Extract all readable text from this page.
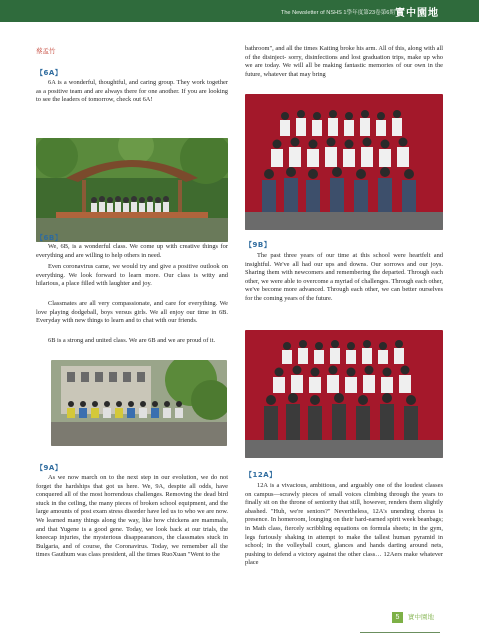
The Newsletter of NSHS 1學年度第23卷第6期 實中園地
蔡孟竹
【6A】
6A is a wonderful, thoughtful, and caring group. They work together as a positive team and are always there for one another. If you are looking to see the leaders of tomorrow, check out 6A!
bathroom", and all the times Kaiting broke his arm. All of this, along with all of the disinject- sorry, disinfections and lost graduation trips, make up who we are today. We will all be making fantastic memories of our own in the future, whatever that may bring
【6B】
We, 6B, is a wonderful class. We come up with creative things for everything and are willing to help others in need.
Even coronavirus came, we would try and give a positive outlook on everything. We look forward to learn more. Our class is witty and hilarious, a place filled with laughter and joy.
Classmates are all very compassionate, and care for everything. We love playing dodgeball, boys versus girls. We all enjoy our time in 6B. Everyday with new things to learn and to chat with our friends.
6B is a strong and united class. We are 6B and we are proud of it.
【9B】
The past three years of our time at this school were heartfelt and insightful. We've all had our ups and downs. Our sorrows and our joys. Sharing them with newcomers and remembering the departed. Through each other, we were able to overcome a myriad of challenges. Through each other, we've become more advanced. Through each other, we can better ourselves for the coming years of the future.
【9A】
As we now march on to the next step in our evolution, we do not forget the hardships that got us here. We, 9A, despite all odds, have conquered all of the most horrendous challenges. Removing the dead bird stuck in the ceiling, the many pieces of broken school equipment, and the large amounts of post exam stress disorder have led us to who we are now. We learned many things along the way, like how chickens are mammals, and that Yugene is a good gene. Today, we look back at our trials, the kneecap injuries, the mysterious disappearances, the classmates stuck in Bulgaria, and of course, the Coronavirus. Today, we remember all the times Gauthum was class president, all the times RuoXuan "Went to the
【12A】
12A is a vivacious, ambitious, and arguably one of the loudest classes on campus—scrawly pieces of small voices climbing through the years to finally sit on the throne of seniority that still, however, renders them slightly abashed. "Huh, we're seniors?" Nevertheless, 12A's unending chorus is presence. In homeroom, lounging on their hard-earned spirit week beanbags; in Math class, fiercely scribbling equations on formula sheets; in the gym, legs furiously shaking in attempt to make the tallest human pyramid in school; in the volleyball court, glances and hands darting around nets, pushing to defend a victory against the other class… 12Aers make whatever place
5	實中園地
